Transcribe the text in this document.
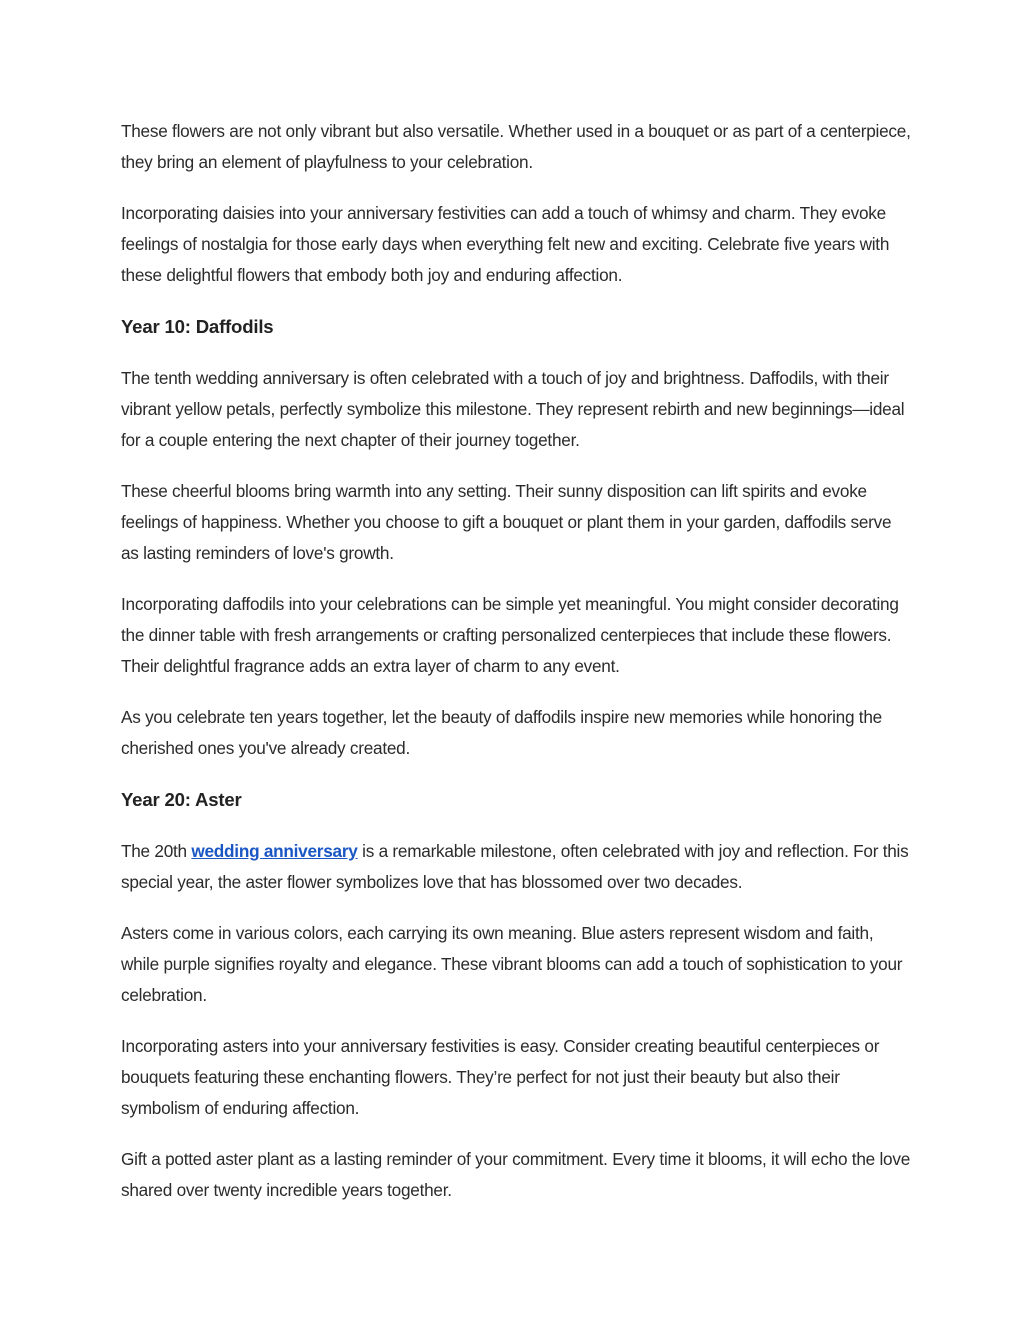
These flowers are not only vibrant but also versatile. Whether used in a bouquet or as part of a centerpiece, they bring an element of playfulness to your celebration.

Incorporating daisies into your anniversary festivities can add a touch of whimsy and charm. They evoke feelings of nostalgia for those early days when everything felt new and exciting. Celebrate five years with these delightful flowers that embody both joy and enduring affection.

Year 10: Daffodils

The tenth wedding anniversary is often celebrated with a touch of joy and brightness. Daffodils, with their vibrant yellow petals, perfectly symbolize this milestone. They represent rebirth and new beginnings—ideal for a couple entering the next chapter of their journey together.

These cheerful blooms bring warmth into any setting. Their sunny disposition can lift spirits and evoke feelings of happiness. Whether you choose to gift a bouquet or plant them in your garden, daffodils serve as lasting reminders of love's growth.

Incorporating daffodils into your celebrations can be simple yet meaningful. You might consider decorating the dinner table with fresh arrangements or crafting personalized centerpieces that include these flowers. Their delightful fragrance adds an extra layer of charm to any event.

As you celebrate ten years together, let the beauty of daffodils inspire new memories while honoring the cherished ones you've already created.

Year 20: Aster

The 20th wedding anniversary is a remarkable milestone, often celebrated with joy and reflection. For this special year, the aster flower symbolizes love that has blossomed over two decades.

Asters come in various colors, each carrying its own meaning. Blue asters represent wisdom and faith, while purple signifies royalty and elegance. These vibrant blooms can add a touch of sophistication to your celebration.

Incorporating asters into your anniversary festivities is easy. Consider creating beautiful centerpieces or bouquets featuring these enchanting flowers. They’re perfect for not just their beauty but also their symbolism of enduring affection.

Gift a potted aster plant as a lasting reminder of your commitment. Every time it blooms, it will echo the love shared over twenty incredible years together.
